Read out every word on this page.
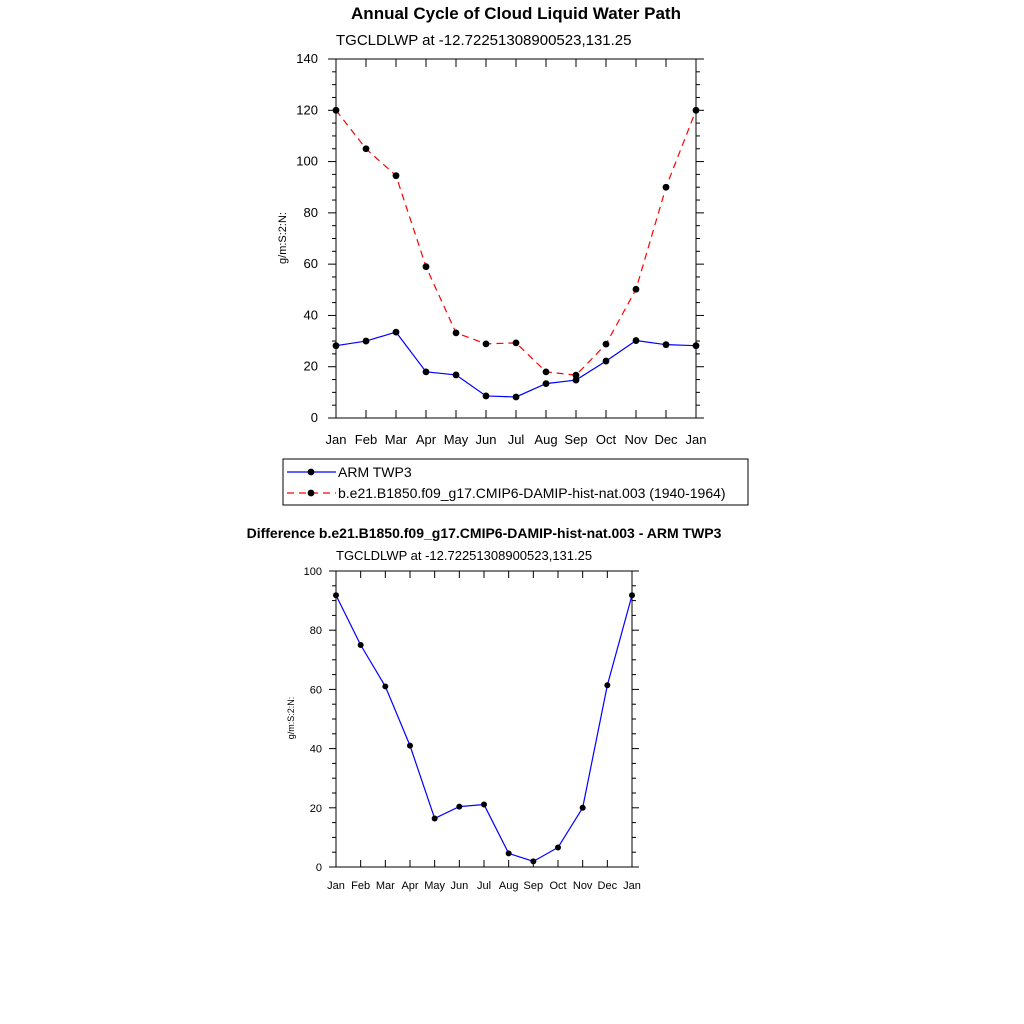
Annual Cycle of Cloud Liquid Water Path
TGCLDLWP at -12.72251308900523,131.25
g/m:S:2:N:
Jan Feb Mar Apr May Jun Jul Aug Sep Oct Nov Dec Jan
0
20
40
60
80
100
120
140
ARM TWP3
b.e21.B1850.f09_g17.CMIP6-DAMIP-hist-nat.003 (1940-1964)
Difference b.e21.B1850.f09_g17.CMIP6-DAMIP-hist-nat.003 - ARM TWP3
TGCLDLWP at -12.72251308900523,131.25
g/m:S:2:N:
Jan Feb Mar Apr May Jun Jul Aug Sep Oct Nov Dec Jan
0
20
40
60
80
100
